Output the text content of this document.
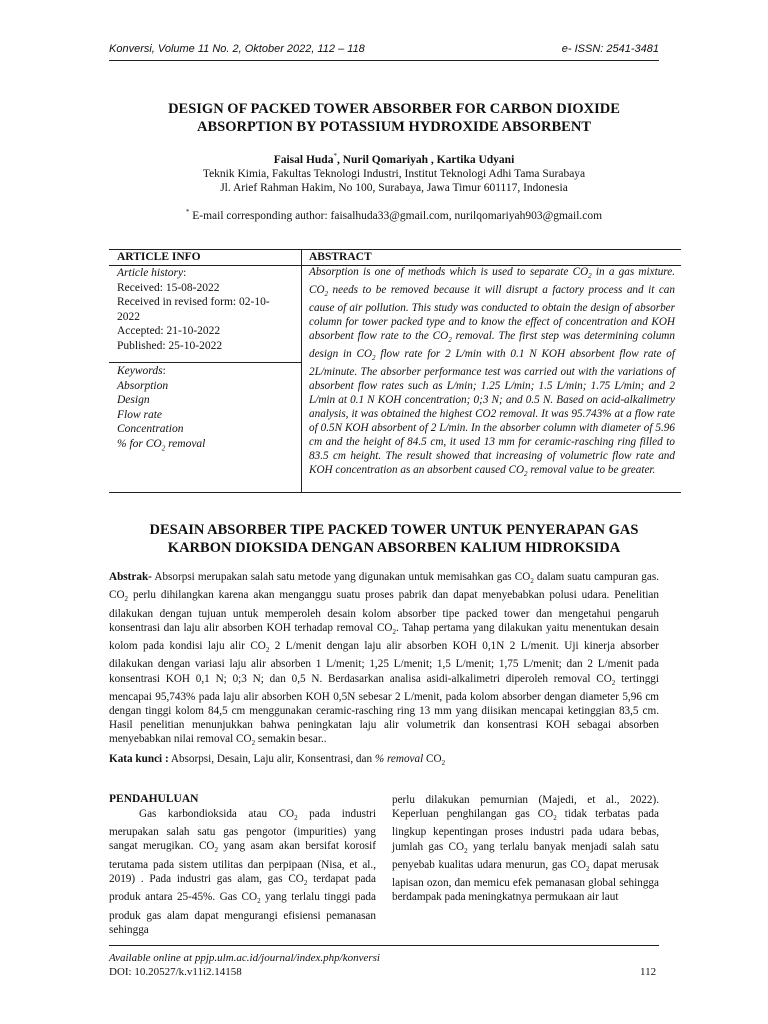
Konversi, Volume 11 No. 2, Oktober 2022, 112 – 118	e- ISSN: 2541-3481
DESIGN OF PACKED TOWER ABSORBER FOR CARBON DIOXIDE
ABSORPTION BY POTASSIUM HYDROXIDE ABSORBENT
Faisal Huda*, Nuril Qomariyah , Kartika Udyani
Teknik Kimia, Fakultas Teknologi Industri, Institut Teknologi Adhi Tama Surabaya
Jl. Arief Rahman Hakim, No 100, Surabaya, Jawa Timur 601117, Indonesia
* E-mail corresponding author: faisalhuda33@gmail.com, nurilqomariyah903@gmail.com
ARTICLE INFO	ABSTRACT
Article history:
Received: 15-08-2022
Received in revised form: 02-10-
2022
Accepted: 21-10-2022
Published: 25-10-2022
Keywords:
Absorption
Design
Flow rate
Concentration
% for $CO_2$ removal
Absorption is one of methods which is used to separate $CO_2$ in a gas mixture. $CO_2$ needs to be removed because it will disrupt a factory process and it can cause of air pollution. This study was conducted to obtain the design of absorber column for tower packed type and to know the effect of concentration and KOH absorbent flow rate to the $CO_2$ removal. The first step was determining column design in $CO_2$ flow rate for 2 L/min with 0.1 N KOH absorbent flow rate of 2L/minute. The absorber performance test was carried out with the variations of absorbent flow rates such as L/min; 1.25 L/min; 1.5 L/min; 1.75 L/min; and 2 L/min at 0.1 N KOH concentration; 0;3 N; and 0.5 N. Based on acid-alkalimetry analysis, it was obtained the highest CO2 removal. It was 95.743% at a flow rate of 0.5N KOH absorbent of 2 L/min. In the absorber column with diameter of 5.96 cm and the height of 84.5 cm, it used 13 mm for ceramic-rasching ring filled to 83.5 cm height. The result showed that increasing of volumetric flow rate and KOH concentration as an absorbent caused $CO_2$ removal value to be greater.
DESAIN ABSORBER TIPE PACKED TOWER UNTUK PENYERAPAN GAS
KARBON DIOKSIDA DENGAN ABSORBEN KALIUM HIDROKSIDA
Abstrak- Absorpsi merupakan salah satu metode yang digunakan untuk memisahkan gas $CO_2$ dalam suatu campuran gas. $CO_2$ perlu dihilangkan karena akan menganggu suatu proses pabrik dan dapat menyebabkan polusi udara. Penelitian dilakukan dengan tujuan untuk memperoleh desain kolom absorber tipe packed tower dan mengetahui pengaruh konsentrasi dan laju alir absorben KOH terhadap removal $CO_2$. Tahap pertama yang dilakukan yaitu menentukan desain kolom pada kondisi laju alir $CO_2$ 2 L/menit dengan laju alir absorben KOH 0,1N 2 L/menit. Uji kinerja absorber dilakukan dengan variasi laju alir absorben 1 L/menit; 1,25 L/menit; 1,5 L/menit; 1,75 L/menit; dan 2 L/menit pada konsentrasi KOH 0,1 N; 0;3 N; dan 0,5 N. Berdasarkan analisa asidi-alkalimetri diperoleh removal $CO_2$ tertinggi mencapai 95,743% pada laju alir absorben KOH 0,5N sebesar 2 L/menit, pada kolom absorber dengan diameter 5,96 cm dengan tinggi kolom 84,5 cm menggunakan ceramic-rasching ring 13 mm yang diisikan mencapai ketinggian 83,5 cm. Hasil penelitian menunjukkan bahwa peningkatan laju alir volumetrik dan konsentrasi KOH sebagai absorben menyebabkan nilai removal $CO_2$ semakin besar..
Kata kunci : Absorpsi, Desain, Laju alir, Konsentrasi, dan % removal $CO_2$
PENDAHULUAN
Gas karbondioksida atau $CO_2$ pada industri merupakan salah satu gas pengotor (impurities) yang sangat merugikan. $CO_2$ yang asam akan bersifat korosif terutama pada sistem utilitas dan perpipaan (Nisa, et al., 2019) . Pada industri gas alam, gas $CO_2$ terdapat pada produk antara 25-45%. Gas $CO_2$ yang terlalu tinggi pada produk gas alam dapat mengurangi efisiensi pemanasan sehingga
perlu dilakukan pemurnian (Majedi, et al., 2022). Keperluan penghilangan gas $CO_2$ tidak terbatas pada lingkup kepentingan proses industri pada udara bebas, jumlah gas $CO_2$ yang terlalu banyak menjadi salah satu penyebab kualitas udara menurun, gas $CO_2$ dapat merusak lapisan ozon, dan memicu efek pemanasan global sehingga berdampak pada meningkatnya permukaan air laut
Available online at ppjp.ulm.ac.id/journal/index.php/konversi
DOI: 10.20527/k.v11i2.14158	112
